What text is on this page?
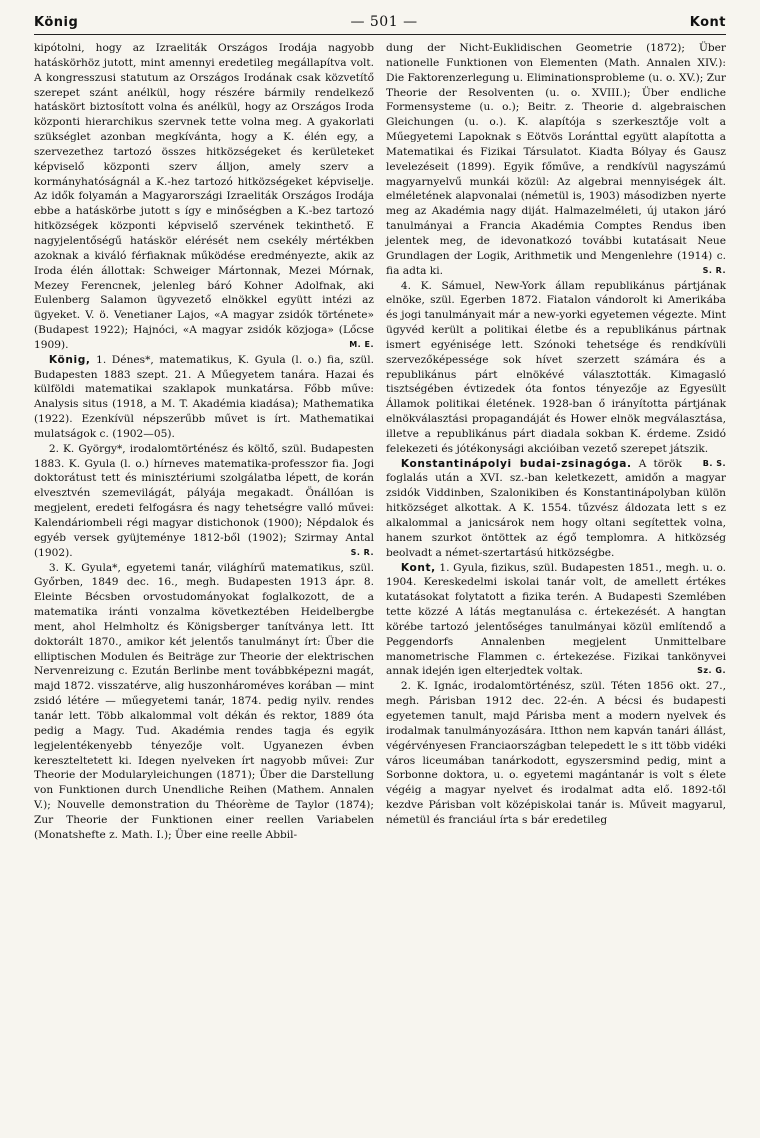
König	— 501 —	Kont

kipótolni, hogy az Izraeliták Országos Irodája nagyobb hatáskörhöz jutott, mint amennyi eredetileg megállapítva volt. A kongresszusi statutum az Országos Irodának csak közvetítő szerepet szánt anélkül, hogy részére bármily rendelkező hatáskört biztosított volna és anélkül, hogy az Országos Iroda központi hierarchikus szervnek tette volna meg. A gyakorlati szükséglet azonban megkívánta, hogy a K. élén egy, a szervezethez tartozó összes hitközségeket és kerületeket képviselő központi szerv álljon, amely szerv a kormányhatóságnál a K.-hez tartozó hitközségeket képviselje. Az idők folyamán a Magyarországi Izraeliták Országos Irodája ebbe a hatáskörbe jutott s így e minőségben a K.-bez tartozó hitközségek központi képviselő szervének tekinthető. E nagyjelentőségű hatáskör elérését nem csekély mértékben azoknak a kiváló férfiaknak működése eredményezte, akik az Iroda élén állottak: Schweiger Mártonnak, Mezei Mórnak, Mezey Ferencnek, jelenleg báró Kohner Adolfnak, aki Eulenberg Salamon ügyvezető elnökkel együtt intézi az ügyeket. V. ö. Venetianer Lajos, «A magyar zsidók története» (Budapest 1922); Hajnóci, «A magyar zsidók közjoga» (Lőcse 1909).	M. E.

König, 1. Dénes*, matematikus, K. Gyula (l. o.) fia, szül. Budapesten 1883 szept. 21. A Műegyetem tanára. Hazai és külföldi matematikai szaklapok munkatársa. Főbb műve: Analysis situs (1918, a M. T. Akadémia kiadása); Mathematika (1922). Ezenkívül népszerűbb művet is írt. Mathematikai mulatságok c. (1902—05).

2. K. György*, irodalomtörténész és költő, szül. Budapesten 1883. K. Gyula (l. o.) hírneves matematika-professzor fia. Jogi doktorátust tett és minisztériumi szolgálatba lépett, de korán elvesztvén szemevilágát, pályája megakadt. Önállóan is megjelent, eredeti felfogásra és nagy tehetségre valló művei: Kalendáriombeli régi magyar distichonok (1900); Népdalok és egyéb versek gyüjteménye 1812-ből (1902); Szirmay Antal (1902).	S. R.

3. K. Gyula*, egyetemi tanár, világhírű matematikus, szül. Győrben, 1849 dec. 16., megh. Budapesten 1913 ápr. 8. Eleinte Bécsben orvostudományokat foglalkozott, de a matematika iránti vonzalma következtében Heidelbergbe ment, ahol Helmholtz és Königsberger tanítványa lett. Itt doktorált 1870., amikor két jelentős tanulmányt írt: Über die elliptischen Modulen és Beiträge zur Theorie der elektrischen Nervenreizung c. Ezután Berlinbe ment továbbképezni magát, majd 1872. visszatérve, alig huszonhároméves korában — mint zsidó létére — műegyetemi tanár, 1874. pedig nyilv. rendes tanár lett. Több alkalommal volt dékán és rektor, 1889 óta pedig a Magy. Tud. Akadémia rendes tagja és egyik legjelentékenyebb tényezője volt. Ugyanezen évben kereszteltetett ki. Idegen nyelveken írt nagyobb művei: Zur Theorie der Modularyleichungen (1871); Über die Darstellung von Funktionen durch Unendliche Reihen (Mathem. Annalen V.); Nouvelle demonstration du Théorème de Taylor (1874); Zur Theorie der Funktionen einer reellen Variabelen (Monatshefte z. Math. I.); Über eine reelle Abbil-

dung der Nicht-Euklidischen Geometrie (1872); Über nationelle Funktionen von Elementen (Math. Annalen XIV.): Die Faktorenzerlegung u. Eliminationsprobleme (u. o. XV.); Zur Theorie der Resolventen (u. o. XVIII.); Über endliche Formensysteme (u. o.); Beitr. z. Theorie d. algebraischen Gleichungen (u. o.). K. alapítója s szerkesztője volt a Műegyetemi Lapoknak s Eötvös Loránttal együtt alapította a Matematikai és Fizikai Társulatot. Kiadta Bólyay és Gausz levelezéseit (1899). Egyik főműve, a rendkívül nagyszámú magyarnyelvű munkái közül: Az algebrai mennyiségek ált. elméletének alapvonalai (németül is, 1903) másodizben nyerte meg az Akadémia nagy diját. Halmazelméleti, új utakon járó tanulmányai a Francia Akadémia Comptes Rendus iben jelentek meg, de idevonatkozó további kutatásait Neue Grundlagen der Logik, Arithmetik und Mengenlehre (1914) c. fia adta ki.	S. R.

4. K. Sámuel, New-York állam republikánus pártjának elnöke, szül. Egerben 1872. Fiatalon vándorolt ki Amerikába és jogi tanulmányait már a new-yorki egyetemen végezte. Mint ügyvéd került a politikai életbe és a republikánus pártnak ismert egyénisége lett. Szónoki tehetsége és rendkívüli szervezőképessége sok hívet szerzett számára és a republikánus párt elnökévé választották. Kimagasló tisztségében évtizedek óta fontos tényezője az Egyesült Államok politikai életének. 1928-ban ő irányította pártjának elnökválasztási propagandáját és Hower elnök megválasztása, illetve a republikánus párt diadala sokban K. érdeme. Zsidó felekezeti és jótékonysági akcióiban vezető szerepet játszik.
B. S.

Konstantinápolyi budai-zsinagóga. A török foglalás után a XVI. sz.-ban keletkezett, amidőn a magyar zsidók Viddinben, Szalonikiben és Konstantinápolyban külön hitközséget alkottak. A K. 1554. tűzvész áldozata lett s ez alkalommal a janicsárok nem hogy oltani segítettek volna, hanem szurkot öntöttek az égő templomra. A hitközség beolvadt a német-szertartású hitközségbe.

Kont, 1. Gyula, fizikus, szül. Budapesten 1851., megh. u. o. 1904. Kereskedelmi iskolai tanár volt, de amellett értékes kutatásokat folytatott a fizika terén. A Budapesti Szemlében tette közzé A látás megtanulása c. értekezését. A hangtan körébe tartozó jelentőséges tanulmányai közül említendő a Peggendorfs Annalenben megjelent Unmittelbare manometrische Flammen c. értekezése. Fizikai tankönyvei annak idején igen elterjedtek voltak.	Sz. G.

2. K. Ignác, irodalomtörténész, szül. Téten 1856 okt. 27., megh. Párisban 1912 dec. 22-én. A bécsi és budapesti egyetemen tanult, majd Párisba ment a modern nyelvek és irodalmak tanulmányozására. Itthon nem kapván tanári állást, végérvényesen Franciaországban telepedett le s itt több vidéki város liceumában tanárkodott, egyszersmind pedig, mint a Sorbonne doktora, u. o. egyetemi magántanár is volt s élete végéig a magyar nyelvet és irodalmat adta elő. 1892-től kezdve Párisban volt középiskolai tanár is. Műveit magyarul, németül és franciául írta s bár eredetileg
